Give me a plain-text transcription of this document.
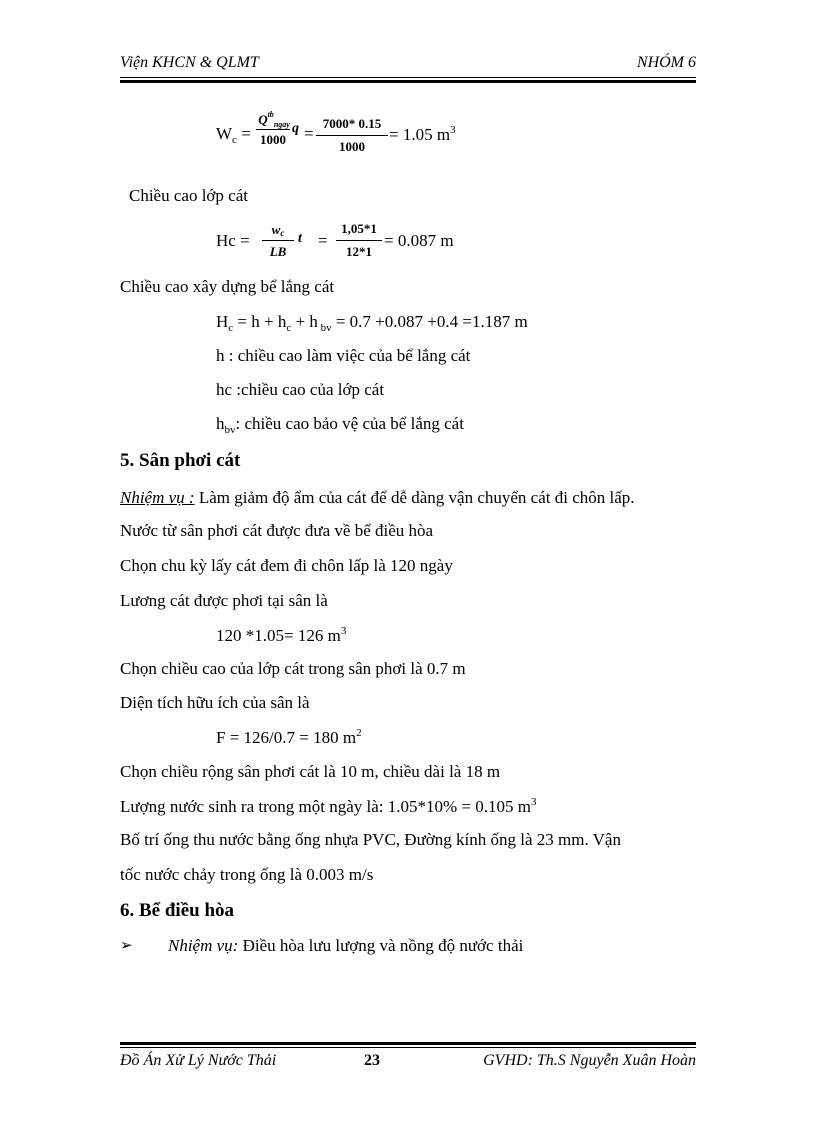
Viện KHCN & QLMT	NHÓM 6
$W_c$ =
$Q^{tb}_{ngay}$
1000
q =
7000* 0.15
1000
= 1.05 $m^3$
Chiều cao lớp cát
Hc =
wc
LB
t =
1,05*1
12*1
= 0.087 m
Chiều cao xây dựng bể lắng cát
$H_c = h + h_c + h$ $_{bv}$ = 0.7 +0.087 +0.4 =1.187 m
h : chiều cao làm việc của bể lắng cát
hc :chiều cao của lớp cát
$h_{bv}$: chiều cao bảo vệ của bể lắng cát
5. Sân phơi cát
Nhiệm vụ : Làm giảm độ ẩm của cát để dễ dàng vận chuyển cát đi chôn lấp.
Nước từ sân phơi cát được đưa về bể điều hòa
Chọn chu kỳ lấy cát đem đi chôn lấp là 120 ngày
Lương cát được phơi tại sân là
120 *1.05= 126 $m^3$
Chọn chiều cao của lớp cát trong sân phơi là 0.7 m
Diện tích hữu ích của sân là
F = 126/0.7 = 180 $m^2$
Chọn chiều rộng sân phơi cát là 10 m, chiều dài là 18 m
Lượng nước sinh ra trong một ngày là: 1.05*10% = 0.105 $m^3$
Bố trí ống thu nước bằng ống nhựa PVC, Đường kính ống là 23 mm. Vận
tốc nước chảy trong ống là 0.003 m/s
6. Bể điều hòa
➢ Nhiệm vụ: Điều hòa lưu lượng và nồng độ nước thải
Đồ Án Xử Lý Nước Thải	23	GVHD: Th.S Nguyễn Xuân Hoàn
